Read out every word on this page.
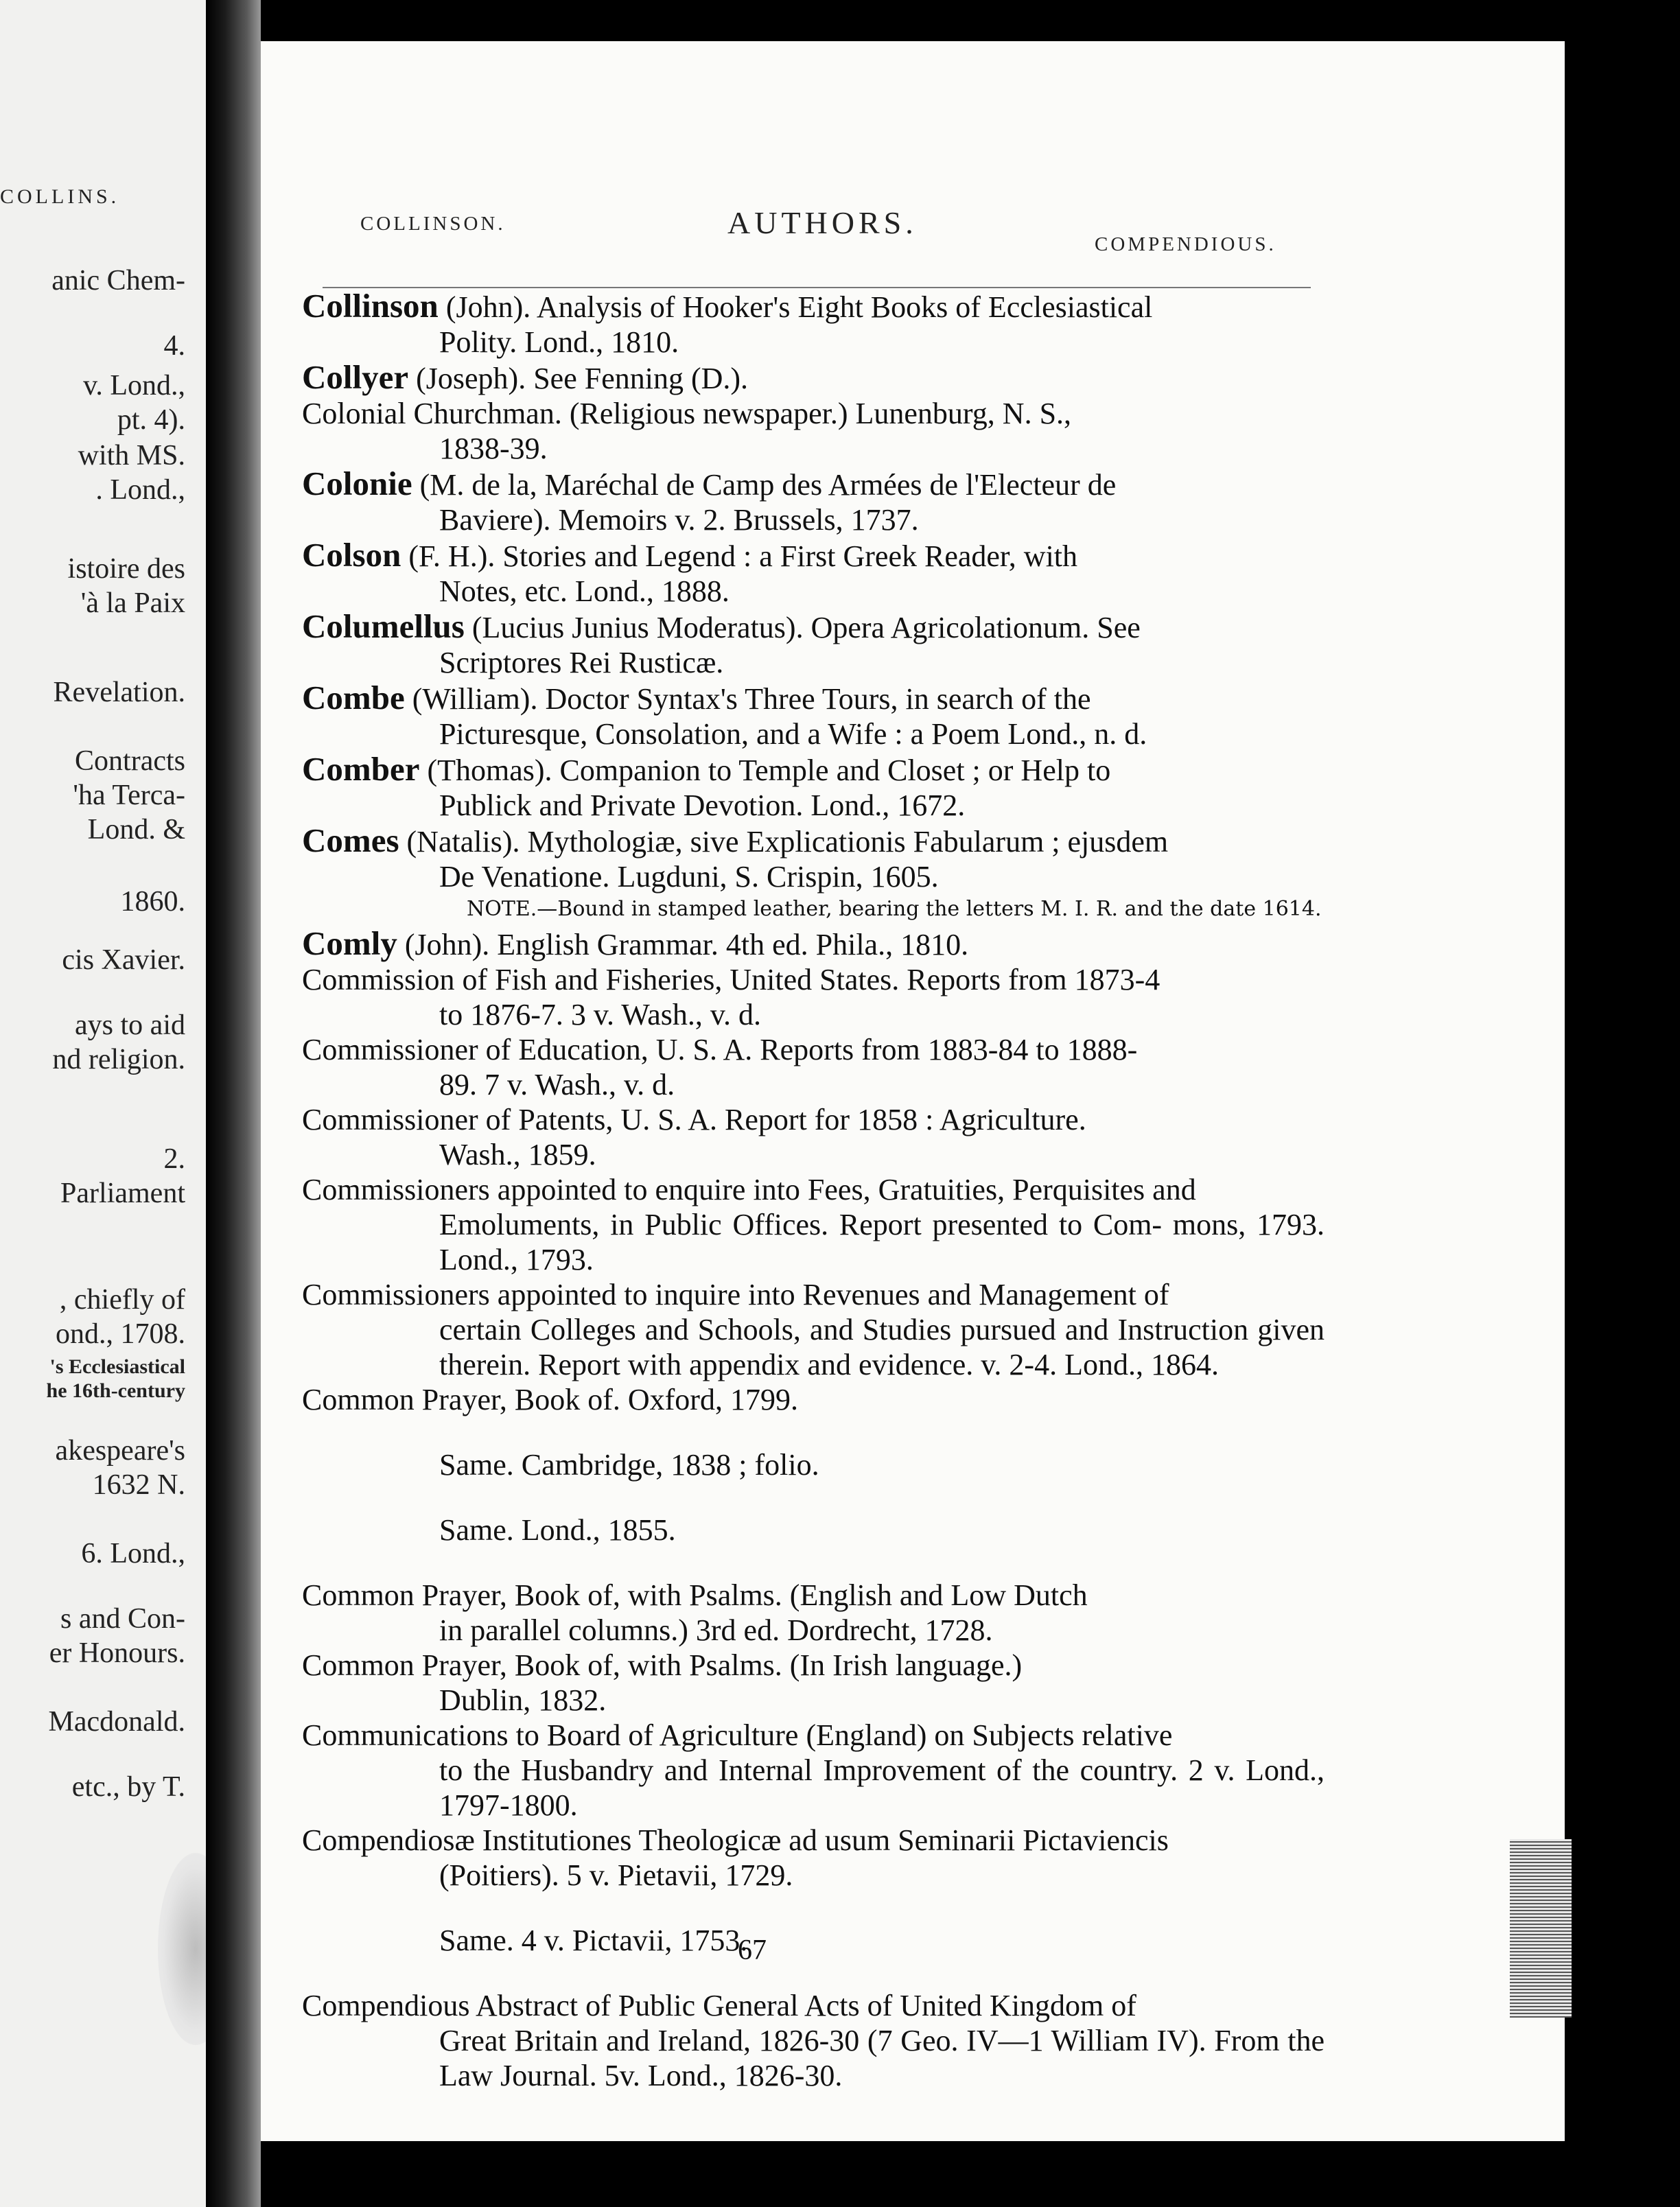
COLLINS.
anic Chem-
4.
v. Lond.,
pt. 4).
with MS.
. Lond.,
istoire des
'à la Paix
Revelation.
Contracts
'ha Terca-
Lond. &
1860.
cis Xavier.
ays to aid
nd religion.
2.
Parliament
, chiefly of
ond., 1708.
's Ecclesiastical
he 16th-century
akespeare's
1632 N.
6. Lond.,
s and Con-
er Honours.
Macdonald.
etc., by T.
COLLINSON.	AUTHORS.
COMPENDIOUS.

Collinson (John). Analysis of Hooker's Eight Books of Ecclesiastical
Polity. Lond., 1810.

Collyer (Joseph). See Fenning (D.).

Colonial Churchman. (Religious newspaper.) Lunenburg, N. S.,
1838-39.

Colonie (M. de la, Maréchal de Camp des Armées de l'Electeur de
Baviere). Memoirs v. 2. Brussels, 1737.

Colson (F. H.). Stories and Legend : a First Greek Reader, with
Notes, etc. Lond., 1888.

Columellus (Lucius Junius Moderatus). Opera Agricolationum. See
Scriptores Rei Rusticæ.

Combe (William). Doctor Syntax's Three Tours, in search of the
Picturesque, Consolation, and a Wife : a Poem Lond., n. d.

Comber (Thomas). Companion to Temple and Closet ; or Help to
Publick and Private Devotion. Lond., 1672.

Comes (Natalis). Mythologiæ, sive Explicationis Fabularum ; ejusdem
De Venatione. Lugduni, S. Crispin, 1605.

NOTE.—Bound in stamped leather, bearing the letters M. I. R. and the date 1614.

Comly (John). English Grammar. 4th ed. Phila., 1810.

Commission of Fish and Fisheries, United States. Reports from 1873-4
to 1876-7. 3 v. Wash., v. d.

Commissioner of Education, U. S. A. Reports from 1883-84 to 1888-
89. 7 v. Wash., v. d.

Commissioner of Patents, U. S. A. Report for 1858 : Agriculture.
Wash., 1859.

Commissioners appointed to enquire into Fees, Gratuities, Perquisites and
Emoluments, in Public Offices. Report presented to Com- mons, 1793. Lond., 1793.

Commissioners appointed to inquire into Revenues and Management of
certain Colleges and Schools, and Studies pursued and Instruction given therein. Report with appendix and evidence. v. 2-4. Lond., 1864.

Common Prayer, Book of. Oxford, 1799.

Same. Cambridge, 1838 ; folio.

Same. Lond., 1855.

Common Prayer, Book of, with Psalms. (English and Low Dutch
in parallel columns.) 3rd ed. Dordrecht, 1728.

Common Prayer, Book of, with Psalms. (In Irish language.)
Dublin, 1832.

Communications to Board of Agriculture (England) on Subjects relative
to the Husbandry and Internal Improvement of the country. 2 v. Lond., 1797-1800.

Compendiosæ Institutiones Theologicæ ad usum Seminarii Pictaviencis
(Poitiers). 5 v. Pietavii, 1729.

Same. 4 v. Pictavii, 1753.

Compendious Abstract of Public General Acts of United Kingdom of
Great Britain and Ireland, 1826-30 (7 Geo. IV—1 William IV). From the Law Journal. 5v. Lond., 1826-30.

67
